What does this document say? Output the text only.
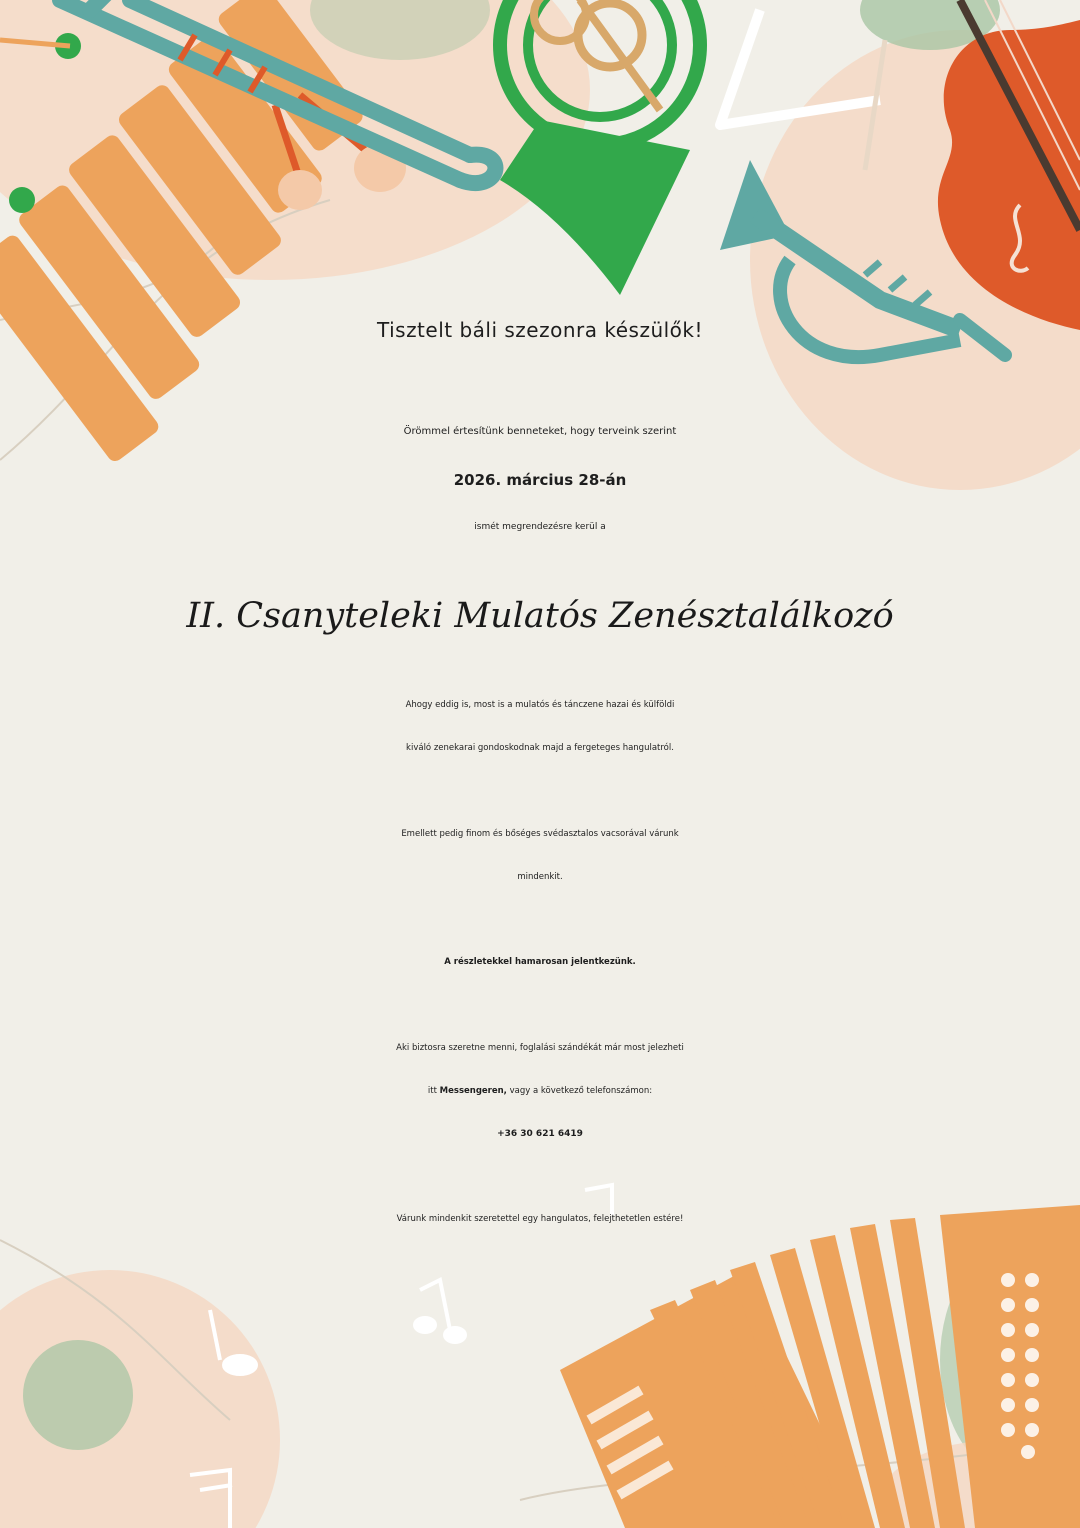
Tisztelt báli szezonra készülők!
Örömmel értesítünk benneteket, hogy terveink szerint
2026. március 28-án
ismét megrendezésre kerül a
II. Csanyteleki Mulatós Zenésztalálkozó
Ahogy eddig is, most is a mulatós és tánczene hazai és külföldi
kiváló zenekarai gondoskodnak majd a fergeteges hangulatról.
Emellett pedig finom és bőséges svédasztalos vacsorával várunk
mindenkit.
A részletekkel hamarosan jelentkezünk.
Aki biztosra szeretne menni, foglalási szándékát már most jelezheti
itt Messengeren, vagy a következő telefonszámon:
+36 30 621 6419
Várunk mindenkit szeretettel egy hangulatos, felejthetetlen estére!
